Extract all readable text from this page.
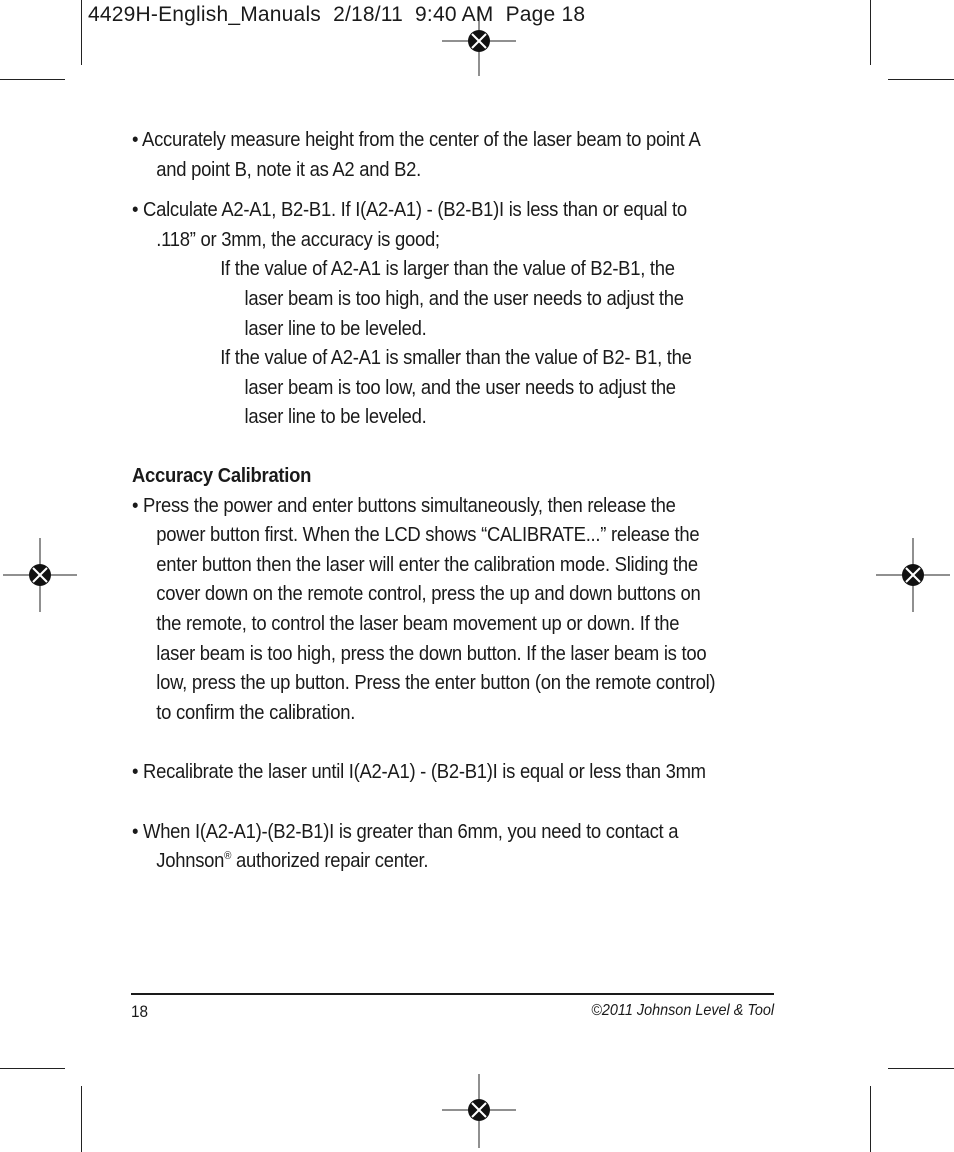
4429H-English_Manuals  2/18/11  9:40 AM  Page 18

• Accurately measure height from the center of the laser beam to point A and point B, note it as A2 and B2.

• Calculate A2-A1, B2-B1. If I(A2-A1) - (B2-B1)I is less than or equal to .118” or 3mm, the accuracy is good;

If the value of A2-A1 is larger than the value of B2-B1, the laser beam is too high, and the user needs to adjust the laser line to be leveled.

If the value of A2-A1 is smaller than the value of B2- B1, the laser beam is too low, and the user needs to adjust the laser line to be leveled.

Accuracy Calibration

• Press the power and enter buttons simultaneously, then release the power button first. When the LCD shows “CALIBRATE...” release the enter button then the laser will enter the calibration mode. Sliding the cover down on the remote control, press the up and down buttons on the remote, to control the laser beam movement up or down. If the laser beam is too high, press the down button. If the laser beam is too low, press the up button. Press the enter button (on the remote control) to confirm the calibration.

• Recalibrate the laser until I(A2-A1) - (B2-B1)I is equal or less than 3mm

• When I(A2-A1)-(B2-B1)I is greater than 6mm, you need to contact a Johnson® authorized repair center.

18	©2011 Johnson Level & Tool
